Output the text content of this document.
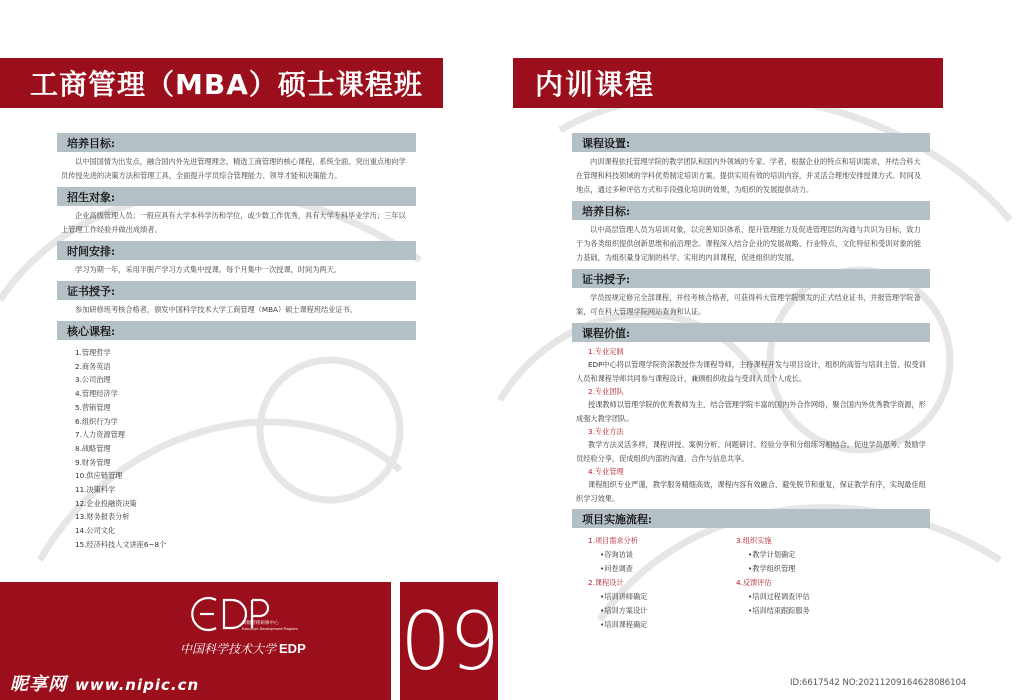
工商管理（MBA）硕士课程班	内训课程
培养目标:
以中国国情为出发点，融合国内外先进管理理念，精选工商管理的核心课程，系统全面、突出重点地向学员传授先进的决策方法和管理工具，全面提升学员综合管理能力、领导才能和决策能力。
招生对象:
企业高级管理人员；一般应具有大学本科学历和学位，或少数工作优秀，具有大学专科毕业学历；三年以上管理工作经验并做出成绩者。
时间安排:
学习为期一年，采用半脱产学习方式集中授课。每个月集中一次授课，时间为两天。
证书授予:
参加研修班考核合格者，颁发中国科学技术大学工商管理（MBA）硕士课程班结业证书。
核心课程:
1.管理哲学
2.商务英语
3.公司治理
4.管理经济学
5.营销管理
6.组织行为学
7.人力资源管理
8.战略管理
9.财务管理
10.供应链管理
11.决策科学
12.企业投融资决策
13.财务报表分析
14.公司文化
15.经济科技人文讲座6~8个
课程设置:
内训课程依托管理学院的教学团队和国内外领域的专家、学者，根据企业的特点和培训需求，并结合科大在管理和科技领域的学科优势制定培训方案。提供实用有效的培训内容，并灵活合理地安排授课方式、时间及地点，通过多种评估方式和手段强化培训的效果，为组织的发展提供动力。
培养目标:
以中高层管理人员为培训对象，以完善知识体系、提升管理能力及促进管理层的沟通与共识为目标，致力于为各类组织提供创新思维和前沿理念。课程深入结合企业的发展战略、行业特点、文化特征和受训对象的能力基础，为组织量身定制的科学、实用的内训课程，促进组织的发展。
证书授予:
学员按规定修完全部课程，并经考核合格者，可获得科大管理学院颁发的正式结业证书，并报管理学院备案，可在科大管理学院网站查询和认证。
课程价值:
1.专业定制
EDP中心将以管理学院资深教授作为课程导师，主持课程开发与项目设计，组织的高管与培训主管、拟受训人员和课程导师共同参与课程设计，兼顾组织收益与受训人员个人成长。
2.专业团队
授课教师以管理学院的优秀教师为主，结合管理学院丰富的国内外合作网络，聚合国内外优秀教学资源，形成强大教学团队。
3.专业方法
教学方法灵活多样，课程讲授、案例分析、问题研讨、经验分享和分组练习相结合。促进学员思考、鼓励学员经验分享，促成组织内部的沟通、合作与信息共享。
4.专业管理
课程组织专业严谨，教学服务精细高效，课程内容有效融合、避免脱节和重复，保证教学有序，实现最佳组织学习效果。
项目实施流程:
1.项目需求分析
•咨询访谈
•问卷调查
2.课程设计
•培训讲师确定
•培训方案设计
•培训课程确定
3.组织实施
•教学计划确定
•教学组织管理
4.反馈评估
•培训过程调查评估
•培训结束跟踪服务
09
高级管理研修中心
Executive Development Program
中国科学技术大学 EDP
昵享网 www.nipic.cn	ID:6617542 NO:20211209164628086104
